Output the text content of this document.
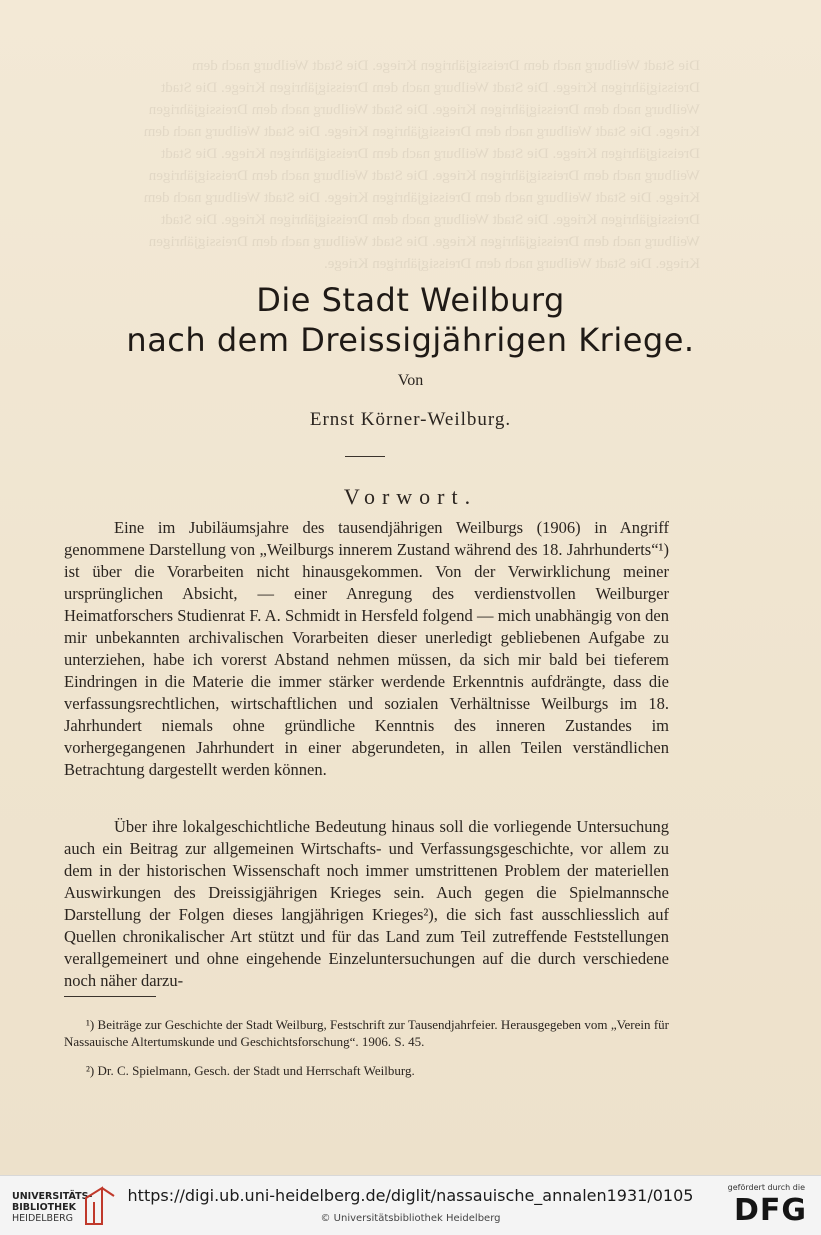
Die Stadt Weilburg nach dem Dreissigjährigen Kriege. Die Stadt Weilburg nach dem Dreissigjährigen Kriege. Die Stadt Weilburg nach dem Dreissigjährigen Kriege. Die Stadt Weilburg nach dem Dreissigjährigen Kriege. Die Stadt Weilburg nach dem Dreissigjährigen Kriege. Die Stadt Weilburg nach dem Dreissigjährigen Kriege. Die Stadt Weilburg nach dem Dreissigjährigen Kriege. Die Stadt Weilburg nach dem Dreissigjährigen Kriege. Die Stadt Weilburg nach dem Dreissigjährigen Kriege. Die Stadt Weilburg nach dem Dreissigjährigen Kriege. Die Stadt Weilburg nach dem Dreissigjährigen Kriege. Die Stadt Weilburg nach dem Dreissigjährigen Kriege. Die Stadt Weilburg nach dem Dreissigjährigen Kriege. Die Stadt Weilburg nach dem Dreissigjährigen Kriege. Die Stadt Weilburg nach dem Dreissigjährigen Kriege. Die Stadt Weilburg nach dem Dreissigjährigen Kriege.
Die Stadt Weilburg
nach dem Dreissigjährigen Kriege.
Von
Ernst Körner-Weilburg.
Vorwort.
Eine im Jubiläumsjahre des tausendjährigen Weilburgs (1906) in Angriff genommene Darstellung von „Weilburgs innerem Zustand während des 18. Jahrhunderts“¹) ist über die Vorarbeiten nicht hinausgekommen. Von der Verwirklichung meiner ursprünglichen Absicht, — einer Anregung des verdienstvollen Weilburger Heimatforschers Studienrat F. A. Schmidt in Hersfeld folgend — mich unabhängig von den mir unbekannten archivalischen Vorarbeiten dieser unerledigt gebliebenen Aufgabe zu unterziehen, habe ich vorerst Abstand nehmen müssen, da sich mir bald bei tieferem Eindringen in die Materie die immer stärker werdende Erkenntnis aufdrängte, dass die verfassungsrechtlichen, wirtschaftlichen und sozialen Verhältnisse Weilburgs im 18. Jahrhundert niemals ohne gründliche Kenntnis des inneren Zustandes im vorhergegangenen Jahrhundert in einer abgerundeten, in allen Teilen verständlichen Betrachtung dargestellt werden können.
Über ihre lokalgeschichtliche Bedeutung hinaus soll die vorliegende Untersuchung auch ein Beitrag zur allgemeinen Wirtschafts- und Verfassungsgeschichte, vor allem zu dem in der historischen Wissenschaft noch immer umstrittenen Problem der materiellen Auswirkungen des Dreissigjährigen Krieges sein. Auch gegen die Spielmannsche Darstellung der Folgen dieses langjährigen Krieges²), die sich fast ausschliesslich auf Quellen chronikalischer Art stützt und für das Land zum Teil zutreffende Feststellungen verallgemeinert und ohne eingehende Einzeluntersuchungen auf die durch verschiedene noch näher darzu-
¹) Beiträge zur Geschichte der Stadt Weilburg, Festschrift zur Tausendjahrfeier. Herausgegeben vom „Verein für Nassauische Altertumskunde und Geschichtsforschung“. 1906. S. 45.
²) Dr. C. Spielmann, Gesch. der Stadt und Herrschaft Weilburg.
UNIVERSITÄTS-
BIBLIOTHEK
HEIDELBERG
https://digi.ub.uni-heidelberg.de/diglit/nassauische_annalen1931/0105
© Universitätsbibliothek Heidelberg
gefördert durch die
DFG
